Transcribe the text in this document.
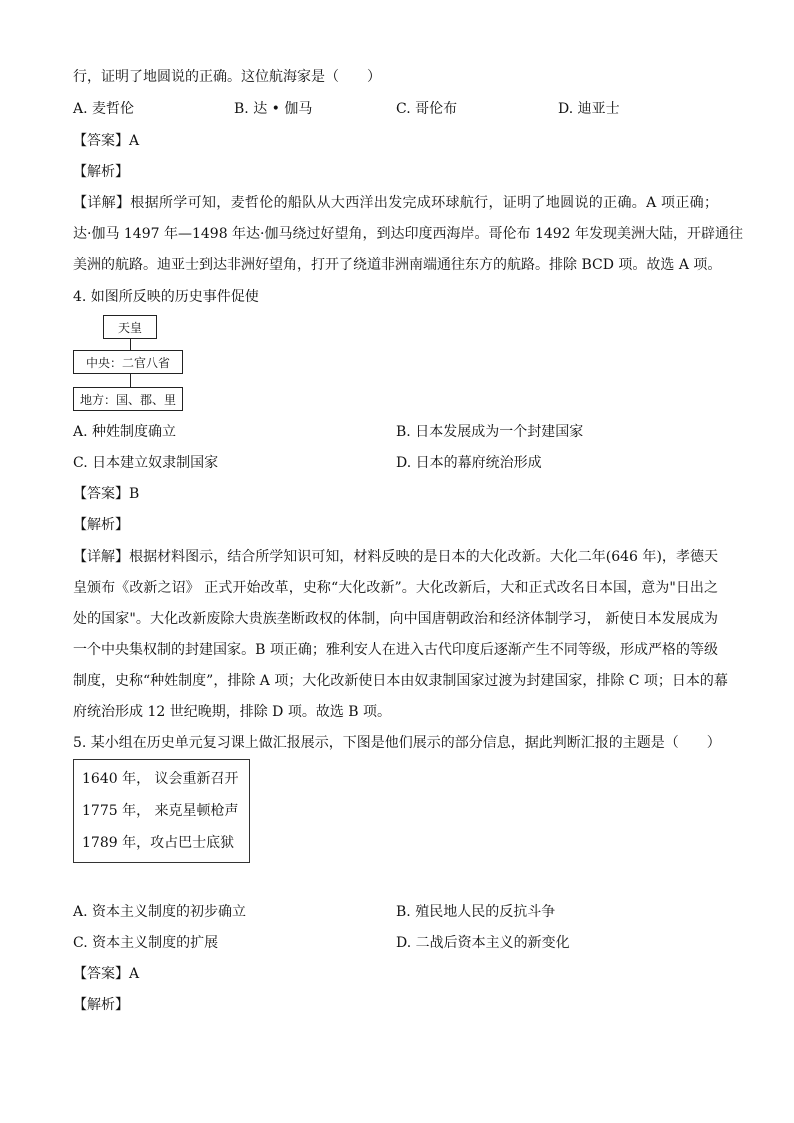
行，证明了地圆说的正确。这位航海家是（　　）
A. 麦哲伦	B. 达 • 伽马	C. 哥伦布	D. 迪亚士
【答案】A
【解析】
【详解】根据所学可知，麦哲伦的船队从大西洋出发完成环球航行，证明了地圆说的正确。A 项正确；
达·伽马 1497 年—1498 年达·伽马绕过好望角，到达印度西海岸。哥伦布 1492 年发现美洲大陆，开辟通往
美洲的航路。迪亚士到达非洲好望角，打开了绕道非洲南端通往东方的航路。排除 BCD 项。故选 A 项。
4. 如图所反映的历史事件促使
天皇
中央：二官八省
地方：国、郡、里
A. 种姓制度确立	B. 日本发展成为一个封建国家
C. 日本建立奴隶制国家	D. 日本的幕府统治形成
【答案】B
【解析】
【详解】根据材料图示，结合所学知识可知，材料反映的是日本的大化改新。大化二年(646 年)，孝德天
皇颁布《改新之诏》 正式开始改革，史称“大化改新”。大化改新后，大和正式改名日本国，意为"日出之
处的国家"。大化改新废除大贵族垄断政权的体制，向中国唐朝政治和经济体制学习， 新使日本发展成为
一个中央集权制的封建国家。B 项正确；雅利安人在进入古代印度后逐渐产生不同等级，形成严格的等级
制度，史称“种姓制度”，排除 A 项；大化改新使日本由奴隶制国家过渡为封建国家，排除 C 项；日本的幕
府统治形成 12 世纪晚期，排除 D 项。故选 B 项。
5. 某小组在历史单元复习课上做汇报展示，下图是他们展示的部分信息，据此判断汇报的主题是（　　）
1640 年， 议会重新召开
1775 年， 来克星顿枪声
1789 年，攻占巴士底狱
A. 资本主义制度的初步确立	B. 殖民地人民的反抗斗争
C. 资本主义制度的扩展	D. 二战后资本主义的新变化
【答案】A
【解析】
